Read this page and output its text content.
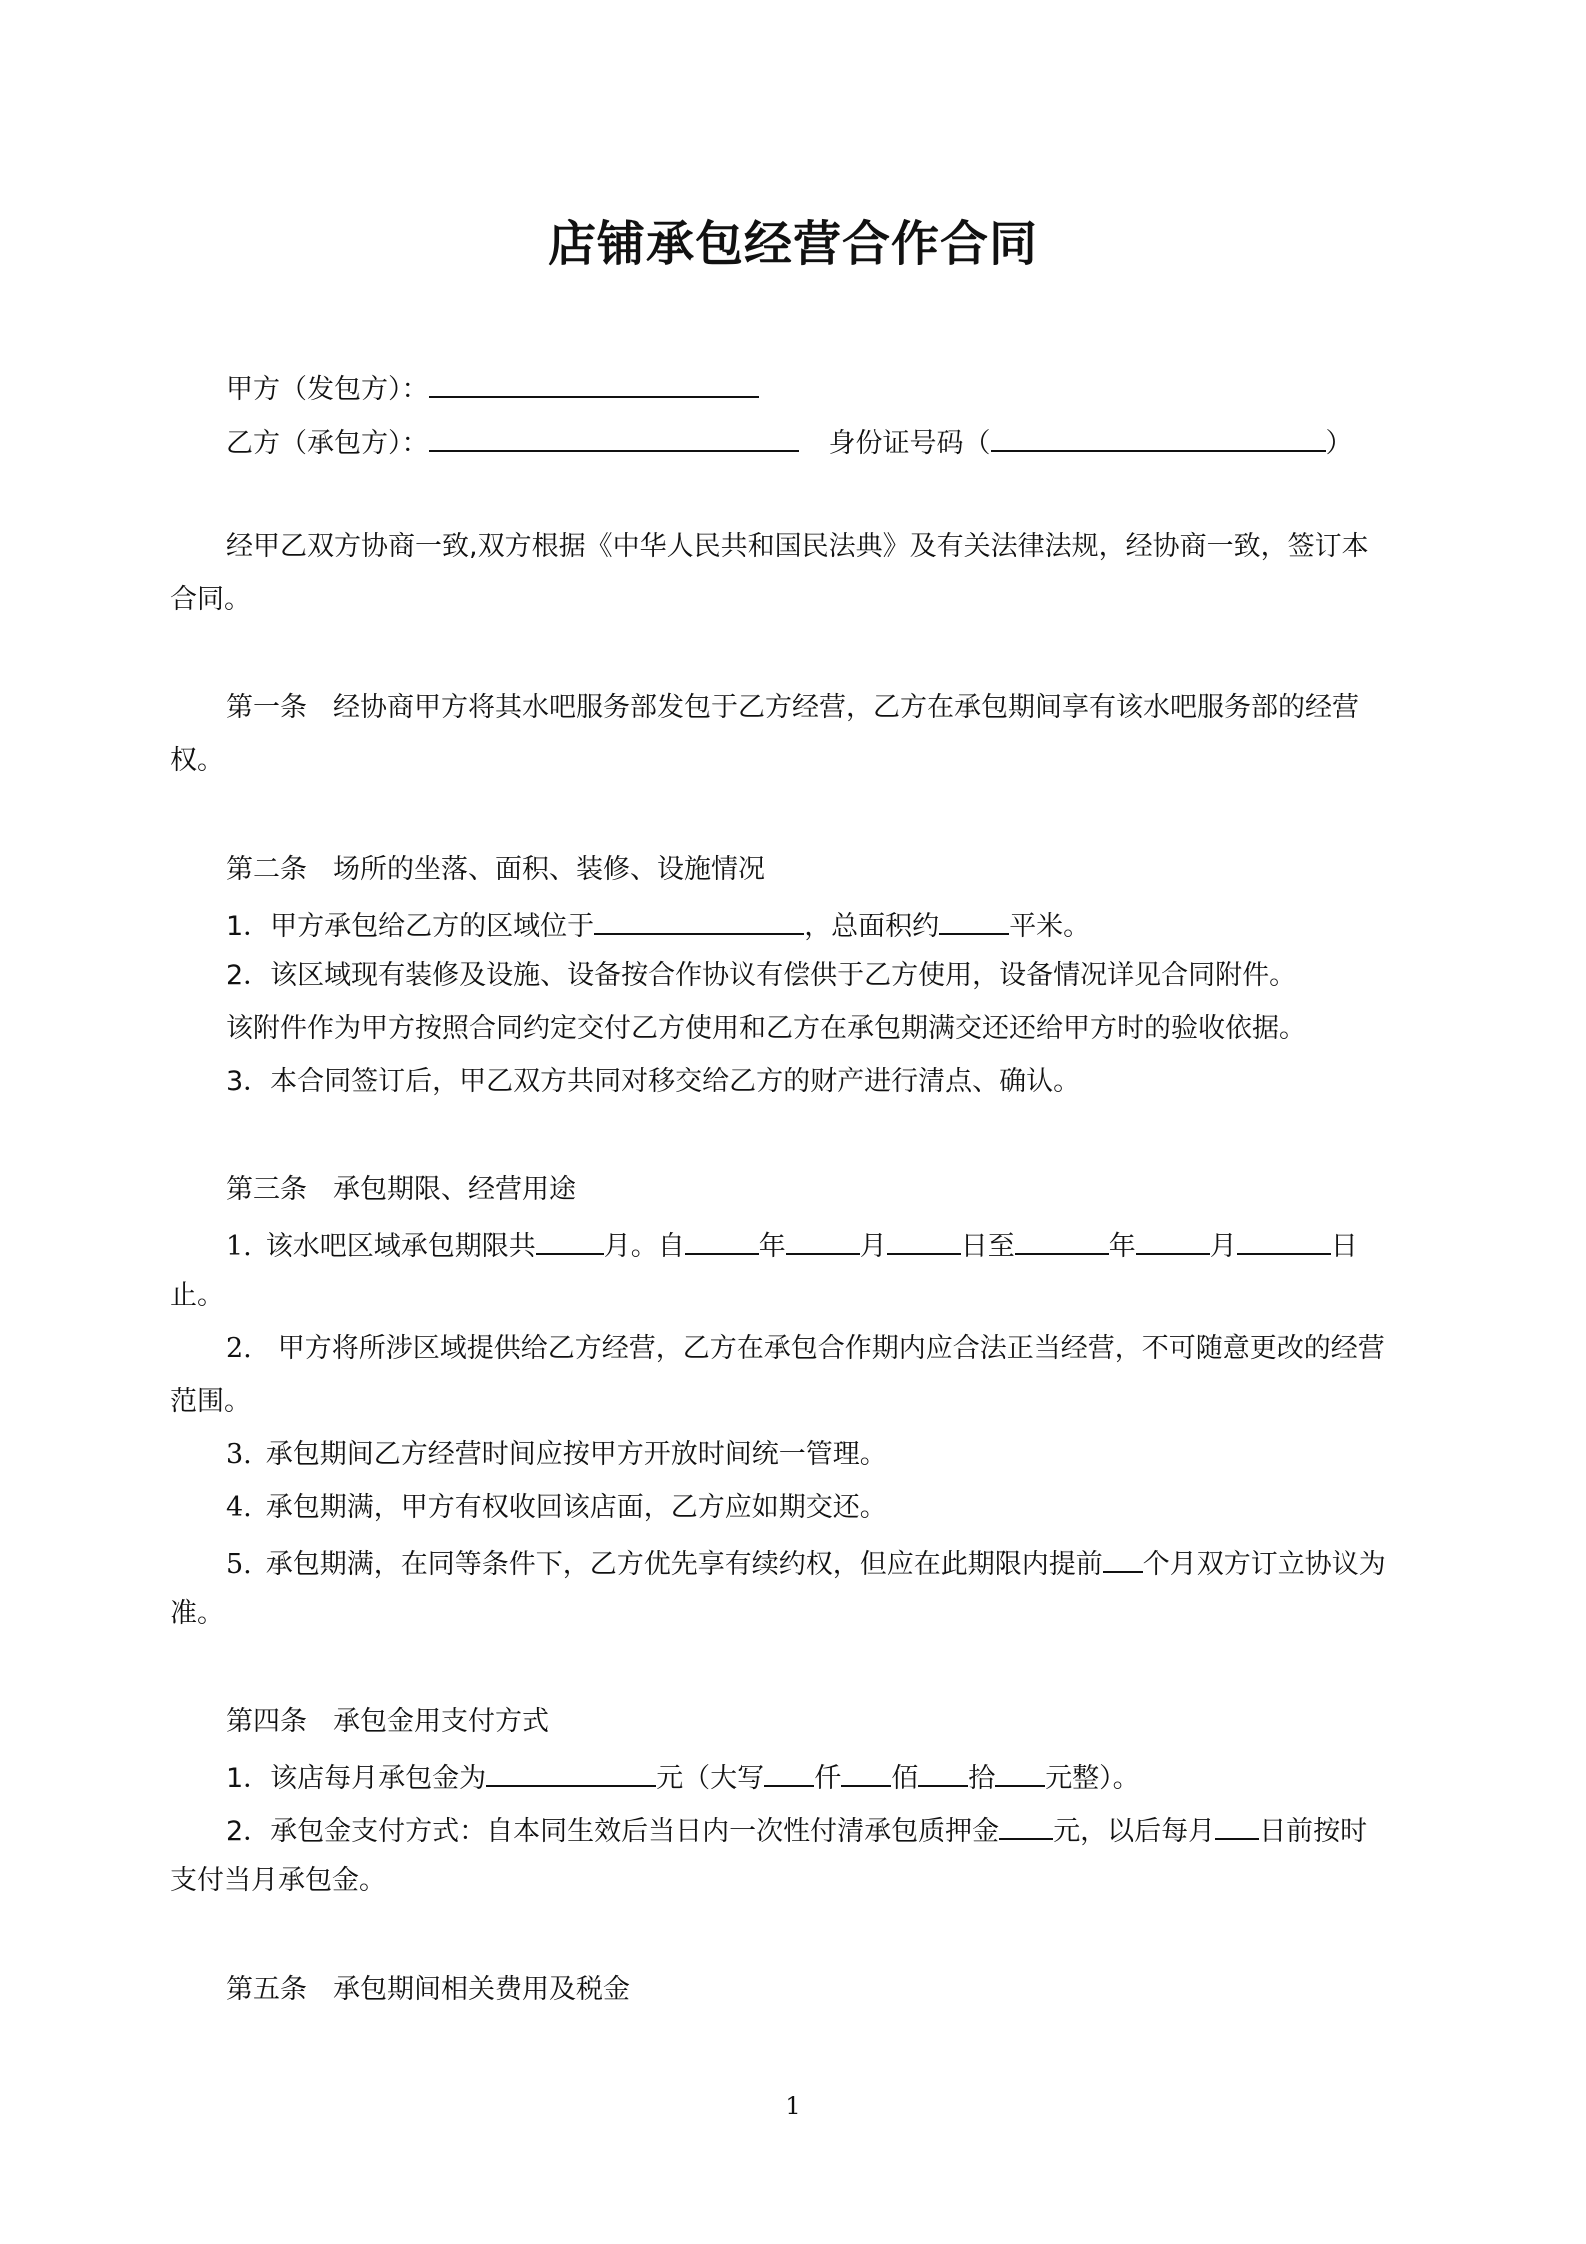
店铺承包经营合作合同
甲方（发包方）：
乙方（承包方）：	身份证号码（	）
经甲乙双方协商一致,双方根据《中华人民共和国民法典》及有关法律法规，经协商一致，签订本
合同。
第一条 经协商甲方将其水吧服务部发包于乙方经营，乙方在承包期间享有该水吧服务部的经营
权。
第二条 场所的坐落、面积、装修、设施情况
1．甲方承包给乙方的区域位于	，总面积约	平米。
2．该区域现有装修及设施、设备按合作协议有偿供于乙方使用，设备情况详见合同附件。
该附件作为甲方按照合同约定交付乙方使用和乙方在承包期满交还还给甲方时的验收依据。
3．本合同签订后，甲乙双方共同对移交给乙方的财产进行清点、确认。
第三条 承包期限、经营用途
1. 该水吧区域承包期限共	月。自	年	月	日至	年	月	日
止。
2. 甲方将所涉区域提供给乙方经营，乙方在承包合作期内应合法正当经营，不可随意更改的经营
范围。
3. 承包期间乙方经营时间应按甲方开放时间统一管理。
4. 承包期满，甲方有权收回该店面，乙方应如期交还。
5. 承包期满，在同等条件下，乙方优先享有续约权，但应在此期限内提前 个月双方订立协议为
准。
第四条 承包金用支付方式
1．该店每月承包金为	元（大写 仟 佰 拾 元整）。
2．承包金支付方式：自本同生效后当日内一次性付清承包质押金 元，以后每月 日前按时
支付当月承包金。
第五条 承包期间相关费用及税金
1
